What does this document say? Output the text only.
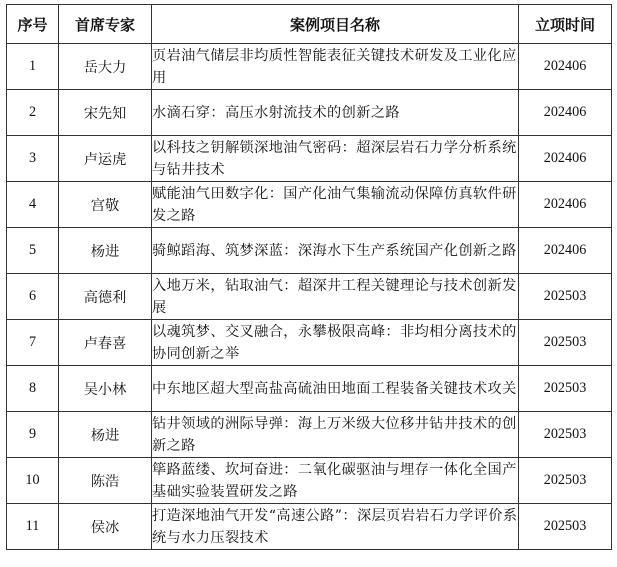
序号	首席专家	案例项目名称	立项时间
1	岳大力	页岩油气储层非均质性智能表征关键技术研发及工业化应用	202406
2	宋先知	水滴石穿：高压水射流技术的创新之路	202406
3	卢运虎	以科技之钥解锁深地油气密码：超深层岩石力学分析系统与钻井技术	202406
4	宫敬	赋能油气田数字化：国产化油气集输流动保障仿真软件研发之路	202406
5	杨进	骑鲸蹈海、筑梦深蓝：深海水下生产系统国产化创新之路	202406
6	高德利	入地万米，钻取油气：超深井工程关键理论与技术创新发展	202503
7	卢春喜	以魂筑梦、交叉融合，永攀极限高峰：非均相分离技术的协同创新之举	202503
8	吴小林	中东地区超大型高盐高硫油田地面工程装备关键技术攻关	202503
9	杨进	钻井领域的洲际导弹：海上万米级大位移井钻井技术的创新之路	202503
10	陈浩	筚路蓝缕、坎坷奋进：二氧化碳驱油与埋存一体化全国产基础实验装置研发之路	202503
11	侯冰	打造深地油气开发“高速公路”：深层页岩岩石力学评价系统与水力压裂技术	202503
